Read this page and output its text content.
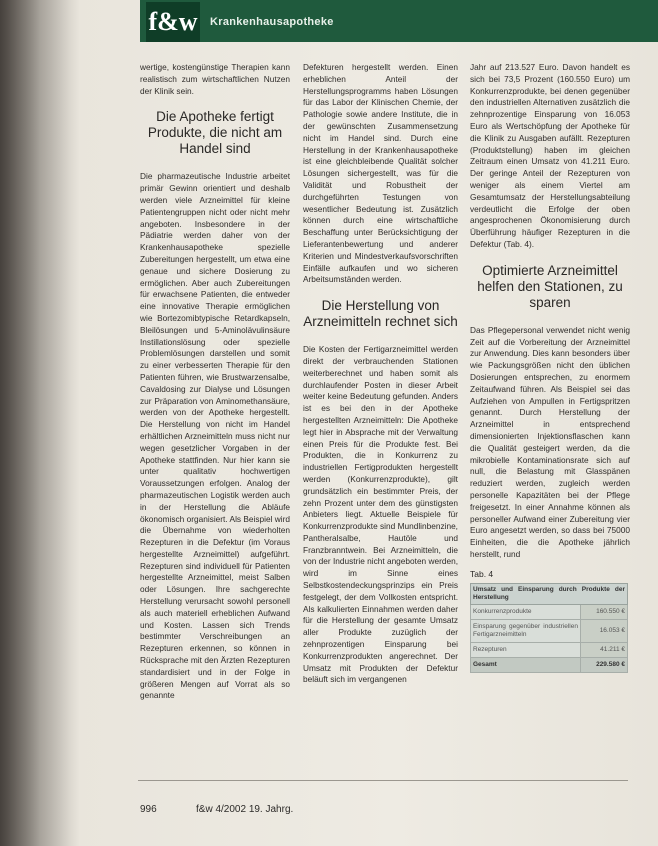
f&w Krankenhausapotheke

wertige, kostengünstige Therapien kann realistisch zum wirtschaftlichen Nutzen der Klinik sein.

Die Apotheke fertigt Produkte, die nicht am Handel sind

Die pharmazeutische Industrie arbeitet primär Gewinn orientiert und deshalb werden viele Arzneimittel für kleine Patientengruppen nicht oder nicht mehr angeboten. Insbesondere in der Pädiatrie werden daher von der Krankenhausapotheke spezielle Zubereitungen hergestellt, um etwa eine genaue und sichere Dosierung zu ermöglichen. Aber auch Zubereitungen für erwachsene Patienten, die entweder eine innovative Therapie ermöglichen wie Bortezomibtypische Retardkapseln, Bleilösungen und 5-Aminolävulinsäure Instillationslösung oder spezielle Problemlösungen darstellen und somit zu einer verbesserten Therapie für den Patienten führen, wie Brustwarzensalbe, Cavaldosing zur Dialyse und Lösungen zur Präparation von Aminomethansäure, werden von der Apotheke hergestellt. Die Herstellung von nicht im Handel erhältlichen Arzneimitteln muss nicht nur wegen gesetzlicher Vorgaben in der Apotheke stattfinden. Nur hier kann sie unter qualitativ hochwertigen Voraussetzungen erfolgen. Analog der pharmazeutischen Logistik werden auch in der Herstellung die Abläufe ökonomisch organisiert. Als Beispiel wird die Übernahme von wiederholten Rezepturen in die Defektur (im Voraus hergestellte Arzneimittel) aufgeführt. Rezepturen sind individuell für Patienten hergestellte Arzneimittel, meist Salben oder Lösungen. Ihre sachgerechte Herstellung verursacht sowohl personell als auch materiell erheblichen Aufwand und Kosten. Lassen sich Trends bestimmter Verschreibungen an Rezepturen erkennen, so können in Rücksprache mit den Ärzten Rezepturen standardisiert und in der Folge in größeren Mengen auf Vorrat als so genannte

Defekturen hergestellt werden. Einen erheblichen Anteil der Herstellungsprogramms haben Lösungen für das Labor der Klinischen Chemie, der Pathologie sowie andere Institute, die in der gewünschten Zusammensetzung nicht im Handel sind. Durch eine Herstellung in der Krankenhausapotheke ist eine gleichbleibende Qualität solcher Lösungen sichergestellt, was für die Validität und Robustheit der durchgeführten Testungen von wesentlicher Bedeutung ist. Zusätzlich können durch eine wirtschaftliche Beschaffung unter Berücksichtigung der Lieferantenbewertung und anderer Kriterien und Mindestverkaufsvorschriften Einfälle aufkaufen und wo sicheren Arbeitsumständen werden.

Die Herstellung von Arzneimitteln rechnet sich

Die Kosten der Fertigarzneimittel werden direkt der verbrauchenden Stationen weiterberechnet und haben somit als durchlaufender Posten in dieser Arbeit weiter keine Bedeutung gefunden. Anders ist es bei den in der Apotheke hergestellten Arzneimitteln: Die Apotheke legt hier in Absprache mit der Verwaltung einen Preis für die Produkte fest. Bei Produkten, die in Konkurrenz zu industriellen Fertigprodukten hergestellt werden (Konkurrenzprodukte), gilt grundsätzlich ein bestimmter Preis, der zehn Prozent unter dem des günstigsten Anbieters liegt. Aktuelle Beispiele für Konkurrenzprodukte sind Mundlinbenzine, Pantheralsalbe, Hautöle und Franzbranntwein. Bei Arzneimitteln, die von der Industrie nicht angeboten werden, wird im Sinne eines Selbstkostendeckungsprinzips ein Preis festgelegt, der dem Vollkosten entspricht. Als kalkulierten Einnahmen werden daher für die Herstellung der gesamte Umsatz aller Produkte zuzüglich der zehnprozentigen Einsparung bei Konkurrenzprodukten angerechnet. Der Umsatz mit Produkten der Defektur beläuft sich im vergangenen

Jahr auf 213.527 Euro. Davon handelt es sich bei 73,5 Prozent (160.550 Euro) um Konkurrenzprodukte, bei denen gegenüber den industriellen Alternativen zusätzlich die zehnprozentige Einsparung von 16.053 Euro als Wertschöpfung der Apotheke für die Klinik zu Ausgaben aufällt. Rezepturen (Produktstellung) haben im gleichen Zeitraum einen Umsatz von 41.211 Euro. Der geringe Anteil der Rezepturen von weniger als einem Viertel am Gesamtumsatz der Herstellungsabteilung verdeutlicht die Erfolge der oben angesprochenen Ökonomisierung durch Überführung häufiger Rezepturen in die Defektur (Tab. 4).

Optimierte Arzneimittel helfen den Stationen, zu sparen

Das Pflegepersonal verwendet nicht wenig Zeit auf die Vorbereitung der Arzneimittel zur Anwendung. Dies kann besonders über wie Packungsgrößen nicht den üblichen Dosierungen entsprechen, zu enormem Zeitaufwand führen. Als Beispiel sei das Aufziehen von Ampullen in Fertigspritzen genannt. Durch Herstellung der Arzneimittel in entsprechend dimensionierten Injektionsflaschen kann die Qualität gesteigert werden, da die mikrobielle Kontaminationsrate sich auf null, die Belastung mit Glasspänen reduziert werden, zugleich werden personelle Kapazitäten bei der Pflege freigesetzt. In einer Annahme können als personeller Aufwand einer Zubereitung vier Euro angesetzt werden, so dass bei 75000 Einheiten, die die Apotheke jährlich herstellt, rund

Tab. 4
Umsatz und Einsparung durch Produkte der Herstellung	
Konkurrenzprodukte	160.550 €
Einsparung gegenüber industriellen Fertigarzneimitteln	16.053 €
Rezepturen	41.211 €
Gesamt	229.580 €
996	f&w 4/2002 19. Jahrg.
